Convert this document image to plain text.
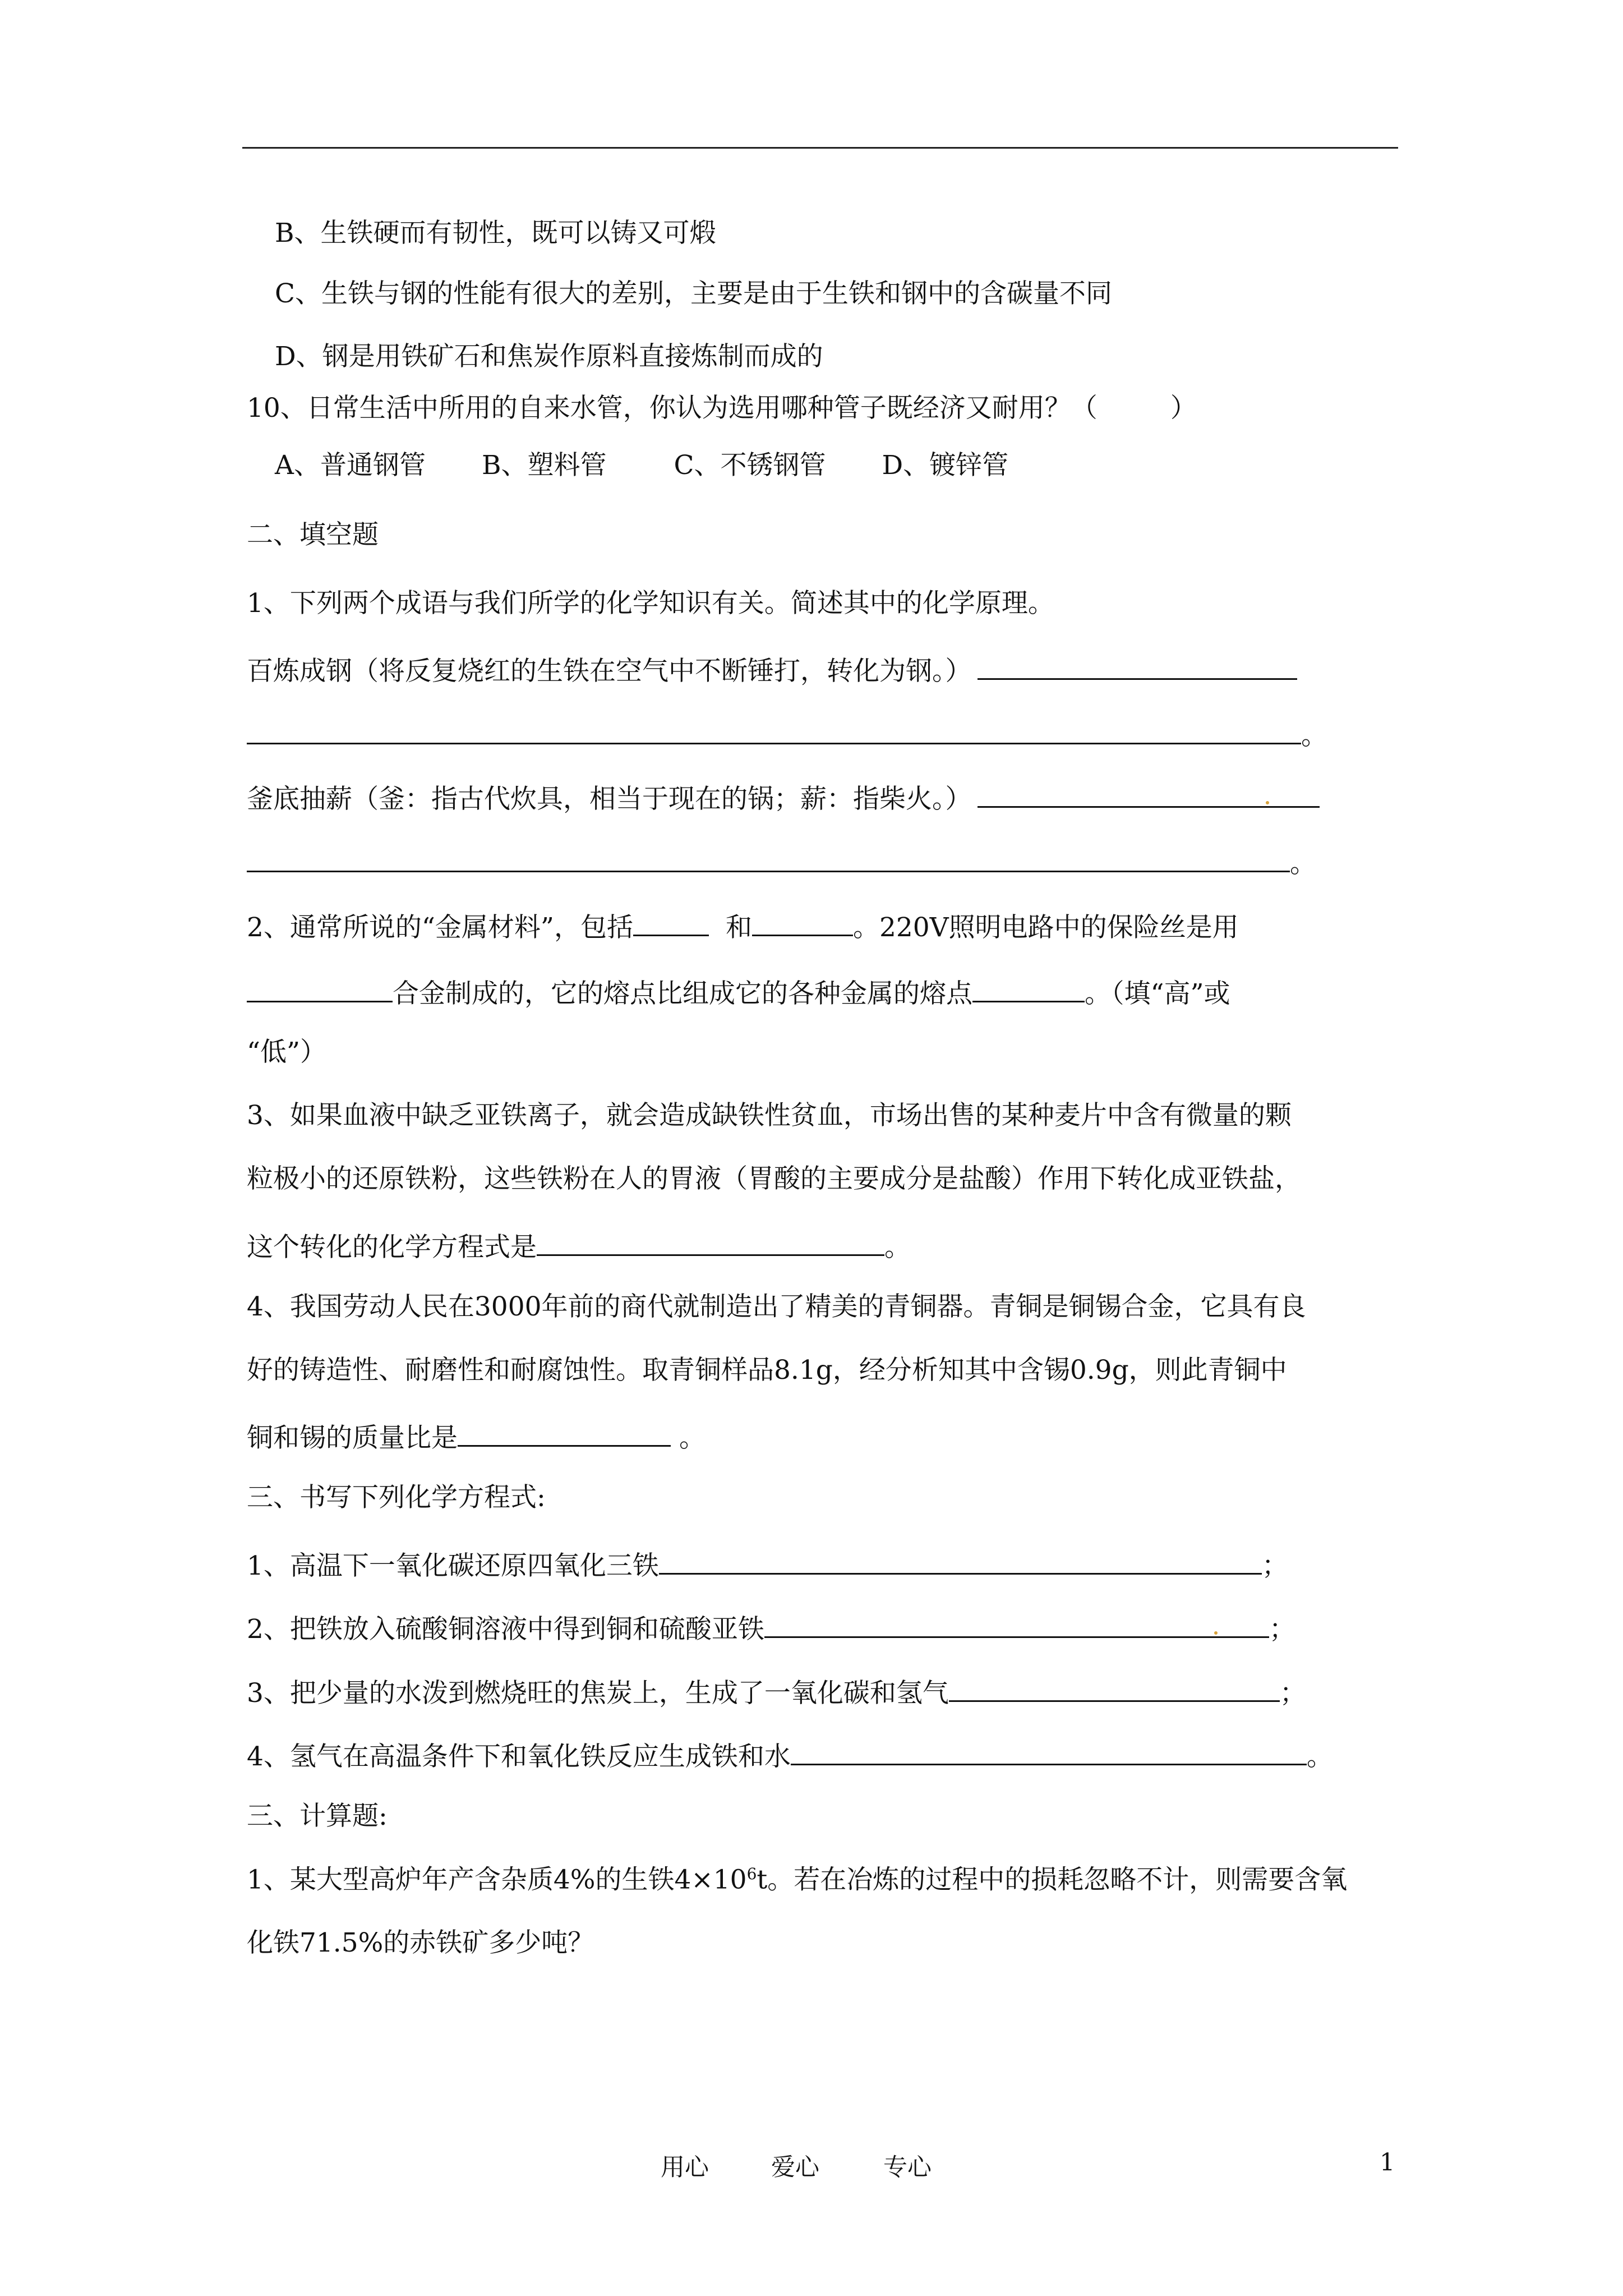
B、生铁硬而有韧性，既可以铸又可煅
C、生铁与钢的性能有很大的差别，主要是由于生铁和钢中的含碳量不同
D、钢是用铁矿石和焦炭作原料直接炼制而成的
10、日常生活中所用的自来水管，你认为选用哪种管子既经济又耐用？（	）
A、普通钢管 B、塑料管	C、不锈钢管 D、镀锌管
二、填空题
1、下列两个成语与我们所学的化学知识有关。简述其中的化学原理。
百炼成钢（将反复烧红的生铁在空气中不断锤打，转化为钢。）
。
釜底抽薪（釜：指古代炊具，相当于现在的锅；薪：指柴火。）
。
2、通常所说的“金属材料”，包括	和	。220V照明电路中的保险丝是用
合金制成的，它的熔点比组成它的各种金属的熔点	。（填“高”或
“低”）
3、如果血液中缺乏亚铁离子，就会造成缺铁性贫血，市场出售的某种麦片中含有微量的颗
粒极小的还原铁粉，这些铁粉在人的胃液（胃酸的主要成分是盐酸）作用下转化成亚铁盐，
这个转化的化学方程式是	。
4、我国劳动人民在3000年前的商代就制造出了精美的青铜器。青铜是铜锡合金，它具有良
好的铸造性、耐磨性和耐腐蚀性。取青铜样品8.1g，经分析知其中含锡0.9g，则此青铜中
铜和锡的质量比是	。
三、书写下列化学方程式:
1、高温下一氧化碳还原四氧化三铁	；
2、把铁放入硫酸铜溶液中得到铜和硫酸亚铁	；
3、把少量的水泼到燃烧旺的焦炭上，生成了一氧化碳和氢气	；
4、氢气在高温条件下和氧化铁反应生成铁和水	。
三、计算题:
1、某大型高炉年产含杂质4%的生铁$4\times 10^6t$。若在冶炼的过程中的损耗忽略不计，则需要含氧
化铁71.5%的赤铁矿多少吨？
用心	爱心	专心	1
